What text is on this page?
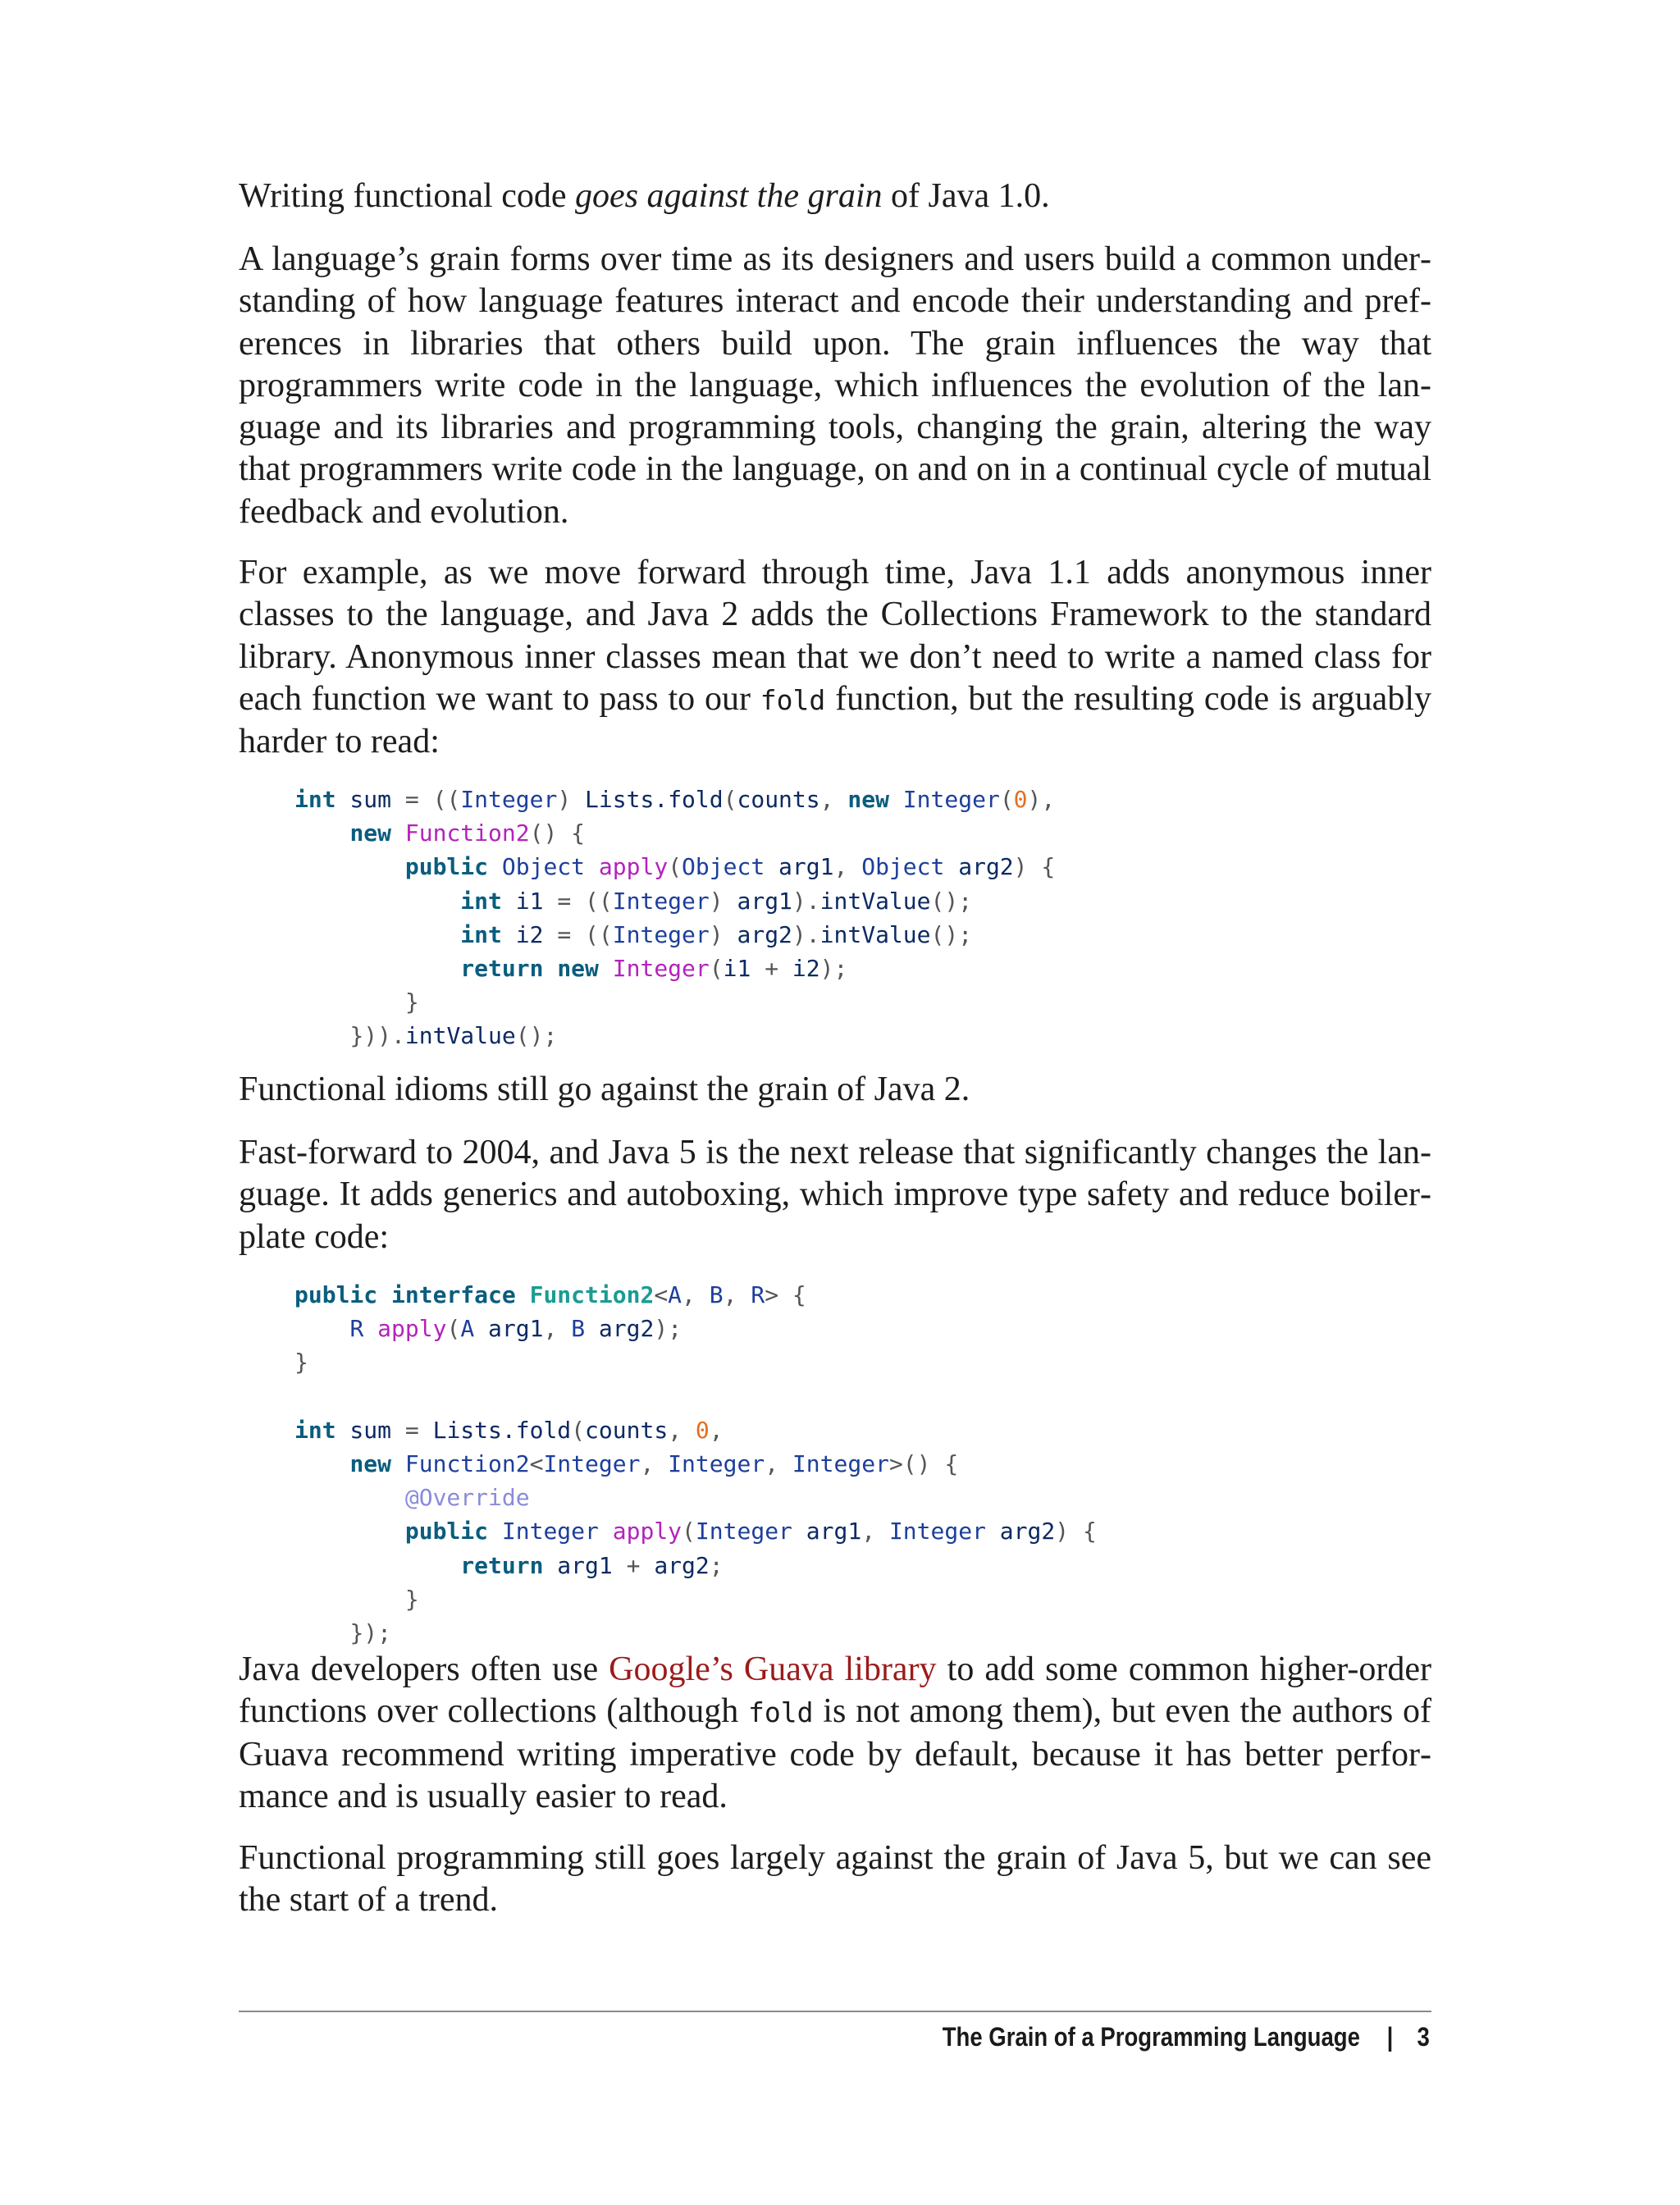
Writing functional code goes against the grain of Java 1.0.

A language’s grain forms over time as its designers and users build a common understanding of how language features interact and encode their understanding and preferences in libraries that others build upon. The grain influences the way that programmers write code in the language, which influences the evolution of the language and its libraries and programming tools, changing the grain, altering the way that programmers write code in the language, on and on in a continual cycle of mutual feedback and evolution.

For example, as we move forward through time, Java 1.1 adds anonymous inner classes to the language, and Java 2 adds the Collections Framework to the standard library. Anonymous inner classes mean that we don’t need to write a named class for each function we want to pass to our fold function, but the resulting code is arguably harder to read:

int sum = ((Integer) Lists.fold(counts, new Integer(0),
new Function2() {
public Object apply(Object arg1, Object arg2) {
int i1 = ((Integer) arg1).intValue();
int i2 = ((Integer) arg2).intValue();
return new Integer(i1 + i2);
}
})).intValue();

Functional idioms still go against the grain of Java 2.

Fast-forward to 2004, and Java 5 is the next release that significantly changes the language. It adds generics and autoboxing, which improve type safety and reduce boilerplate code:

public interface Function2<A, B, R> {
R apply(A arg1, B arg2);
}

int sum = Lists.fold(counts, 0,
new Function2<Integer, Integer, Integer>() {
@Override
public Integer apply(Integer arg1, Integer arg2) {
return arg1 + arg2;
}
});

Java developers often use Google’s Guava library to add some common higher-order functions over collections (although fold is not among them), but even the authors of Guava recommend writing imperative code by default, because it has better performance and is usually easier to read.

Functional programming still goes largely against the grain of Java 5, but we can see the start of a trend.

The Grain of a Programming Language | 3
